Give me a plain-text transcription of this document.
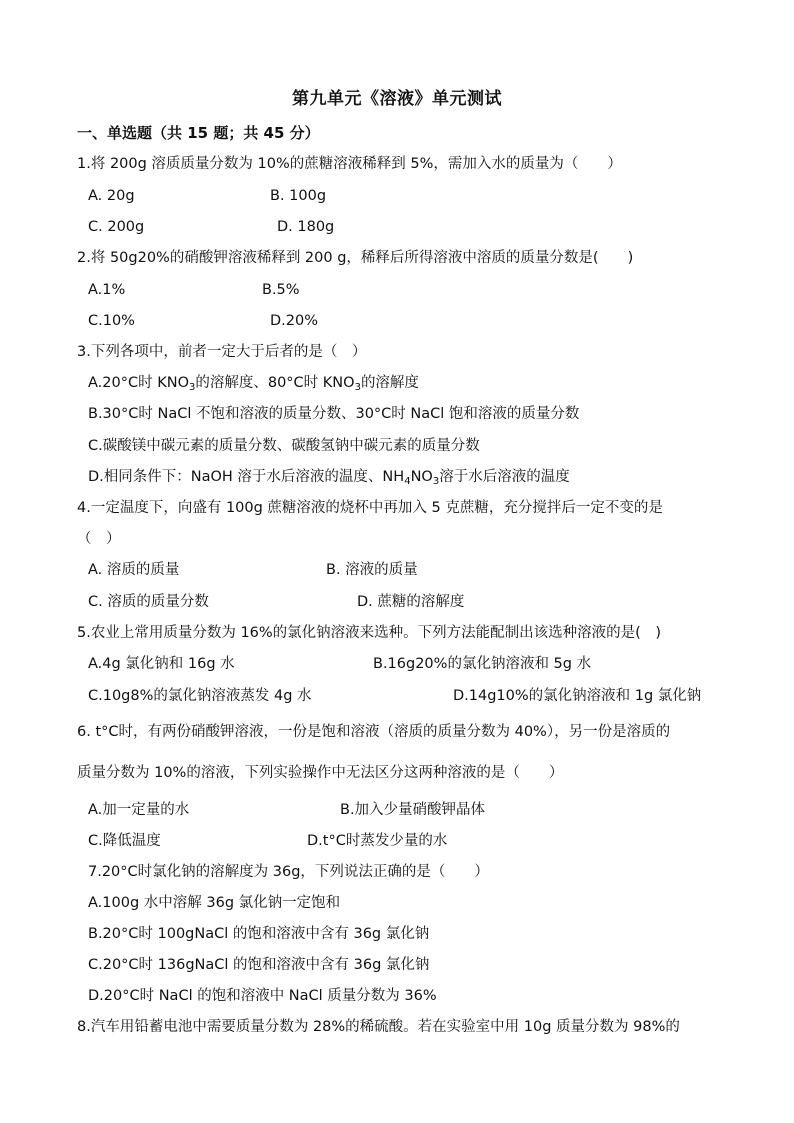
第九单元《溶液》单元测试
一、单选题（共 15 题；共 45 分）
1.将 200g 溶质质量分数为 10%的蔗糖溶液稀释到 5%，需加入水的质量为（　　）
A. 20g	B. 100g
C. 200g	D. 180g
2.将 50g20%的硝酸钾溶液稀释到 200 g，稀释后所得溶液中溶质的质量分数是(　　)
A.1%	B.5%
C.10%	D.20%
3.下列各项中，前者一定大于后者的是（　）
A.20°C时 $KNO_3$的溶解度、80°C时 $KNO_3$的溶解度
B.30°C时 NaCl 不饱和溶液的质量分数、30°C时 NaCl 饱和溶液的质量分数
C.碳酸镁中碳元素的质量分数、碳酸氢钠中碳元素的质量分数
D.相同条件下：NaOH 溶于水后溶液的温度、$NH_4NO_3$溶于水后溶液的温度
4.一定温度下，向盛有 100g 蔗糖溶液的烧杯中再加入 5 克蔗糖，充分搅拌后一定不变的是
（　）
A. 溶质的质量	B. 溶液的质量
C. 溶质的质量分数	D. 蔗糖的溶解度
5.农业上常用质量分数为 16%的氯化钠溶液来选种。下列方法能配制出该选种溶液的是(　)
A.4g 氯化钠和 16g 水	B.16g20%的氯化钠溶液和 5g 水
C.10g8%的氯化钠溶液蒸发 4g 水	D.14g10%的氯化钠溶液和 1g 氯化钠
6. t°C时，有两份硝酸钾溶液，一份是饱和溶液（溶质的质量分数为 40%），另一份是溶质的
质量分数为 10%的溶液，下列实验操作中无法区分这两种溶液的是（　　）
A.加一定量的水	B.加入少量硝酸钾晶体
C.降低温度	D.t°C时蒸发少量的水
7.20°C时氯化钠的溶解度为 36g，下列说法正确的是（　　）
A.100g 水中溶解 36g 氯化钠一定饱和
B.20°C时 100gNaCl 的饱和溶液中含有 36g 氯化钠
C.20°C时 136gNaCl 的饱和溶液中含有 36g 氯化钠
D.20°C时 NaCl 的饱和溶液中 NaCl 质量分数为 36%
8.汽车用铅蓄电池中需要质量分数为 28%的稀硫酸。若在实验室中用 10g 质量分数为 98%的
